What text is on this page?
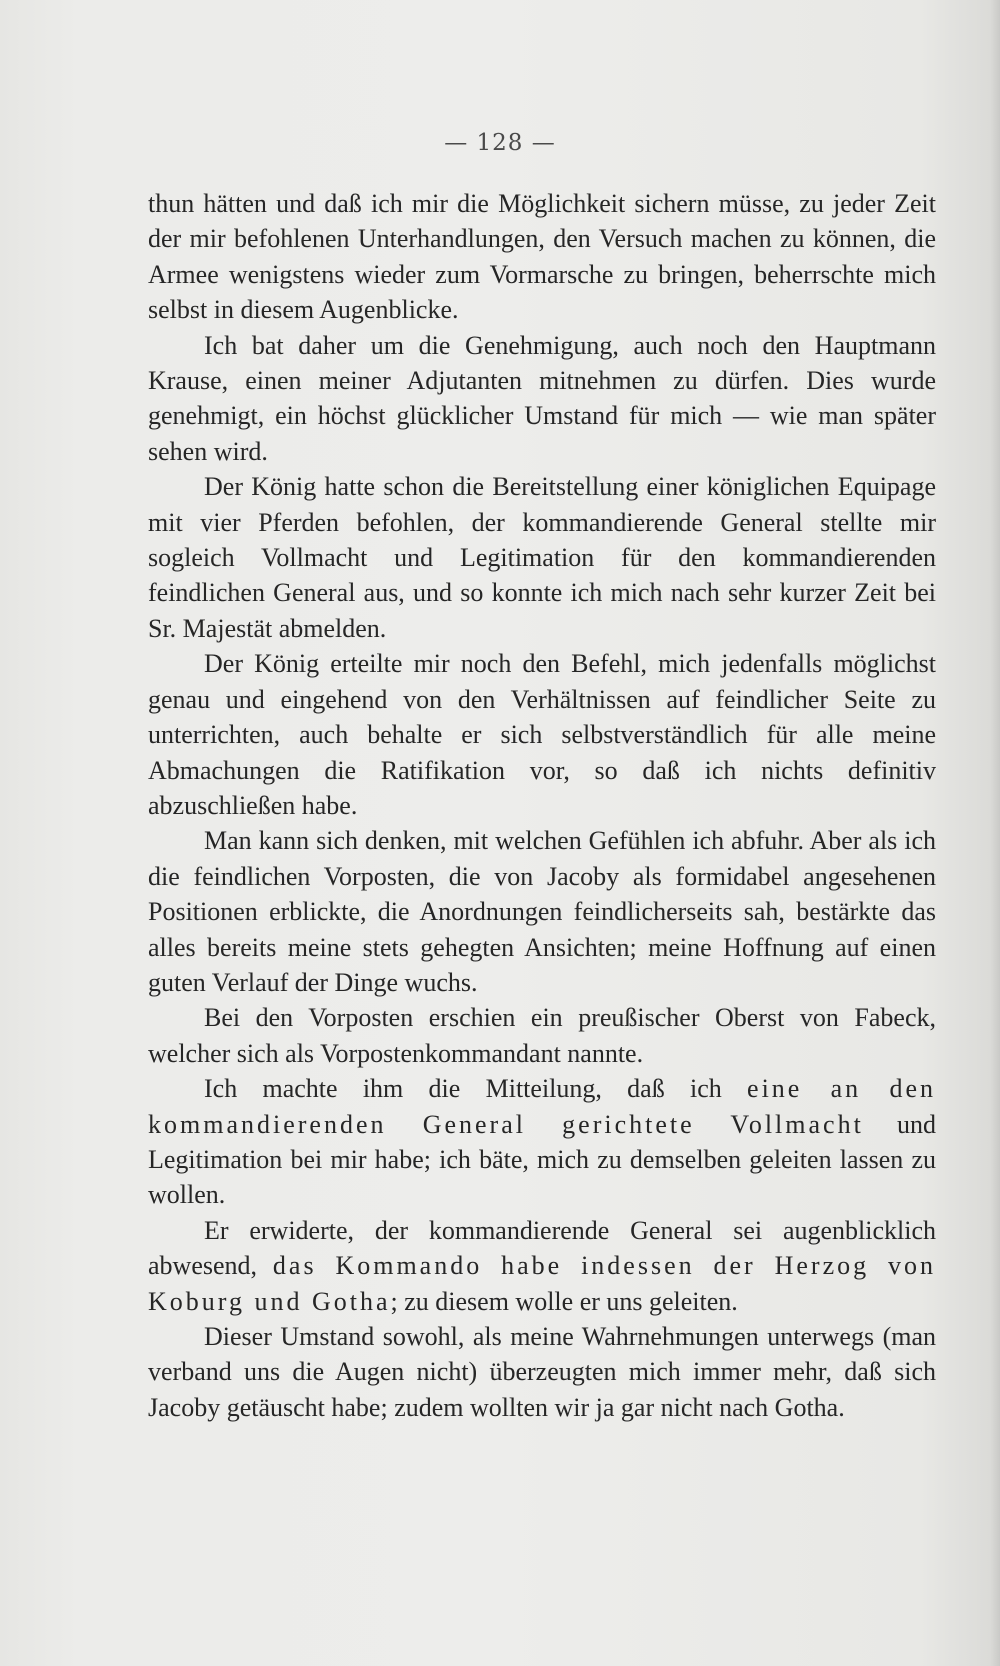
— 128 —

thun hätten und daß ich mir die Möglichkeit sichern müsse, zu jeder Zeit der mir befohlenen Unterhandlungen, den Versuch machen zu können, die Armee wenigstens wieder zum Vormarsche zu bringen, beherrschte mich selbst in diesem Augenblicke.

Ich bat daher um die Genehmigung, auch noch den Hauptmann Krause, einen meiner Adjutanten mitnehmen zu dürfen. Dies wurde genehmigt, ein höchst glücklicher Umstand für mich — wie man später sehen wird.

Der König hatte schon die Bereitstellung einer königlichen Equipage mit vier Pferden befohlen, der kommandierende General stellte mir sogleich Vollmacht und Legitimation für den kommandierenden feindlichen General aus, und so konnte ich mich nach sehr kurzer Zeit bei Sr. Majestät abmelden.

Der König erteilte mir noch den Befehl, mich jedenfalls möglichst genau und eingehend von den Verhältnissen auf feindlicher Seite zu unterrichten, auch behalte er sich selbstverständlich für alle meine Abmachungen die Ratifikation vor, so daß ich nichts definitiv abzuschließen habe.

Man kann sich denken, mit welchen Gefühlen ich abfuhr. Aber als ich die feindlichen Vorposten, die von Jacoby als formidabel angesehenen Positionen erblickte, die Anordnungen feindlicherseits sah, bestärkte das alles bereits meine stets gehegten Ansichten; meine Hoffnung auf einen guten Verlauf der Dinge wuchs.

Bei den Vorposten erschien ein preußischer Oberst von Fabeck, welcher sich als Vorpostenkommandant nannte.

Ich machte ihm die Mitteilung, daß ich eine an den kommandierenden General gerichtete Vollmacht und Legitimation bei mir habe; ich bäte, mich zu demselben geleiten lassen zu wollen.

Er erwiderte, der kommandierende General sei augenblicklich abwesend, das Kommando habe indessen der Herzog von Koburg und Gotha; zu diesem wolle er uns geleiten.

Dieser Umstand sowohl, als meine Wahrnehmungen unterwegs (man verband uns die Augen nicht) überzeugten mich immer mehr, daß sich Jacoby getäuscht habe; zudem wollten wir ja gar nicht nach Gotha.
